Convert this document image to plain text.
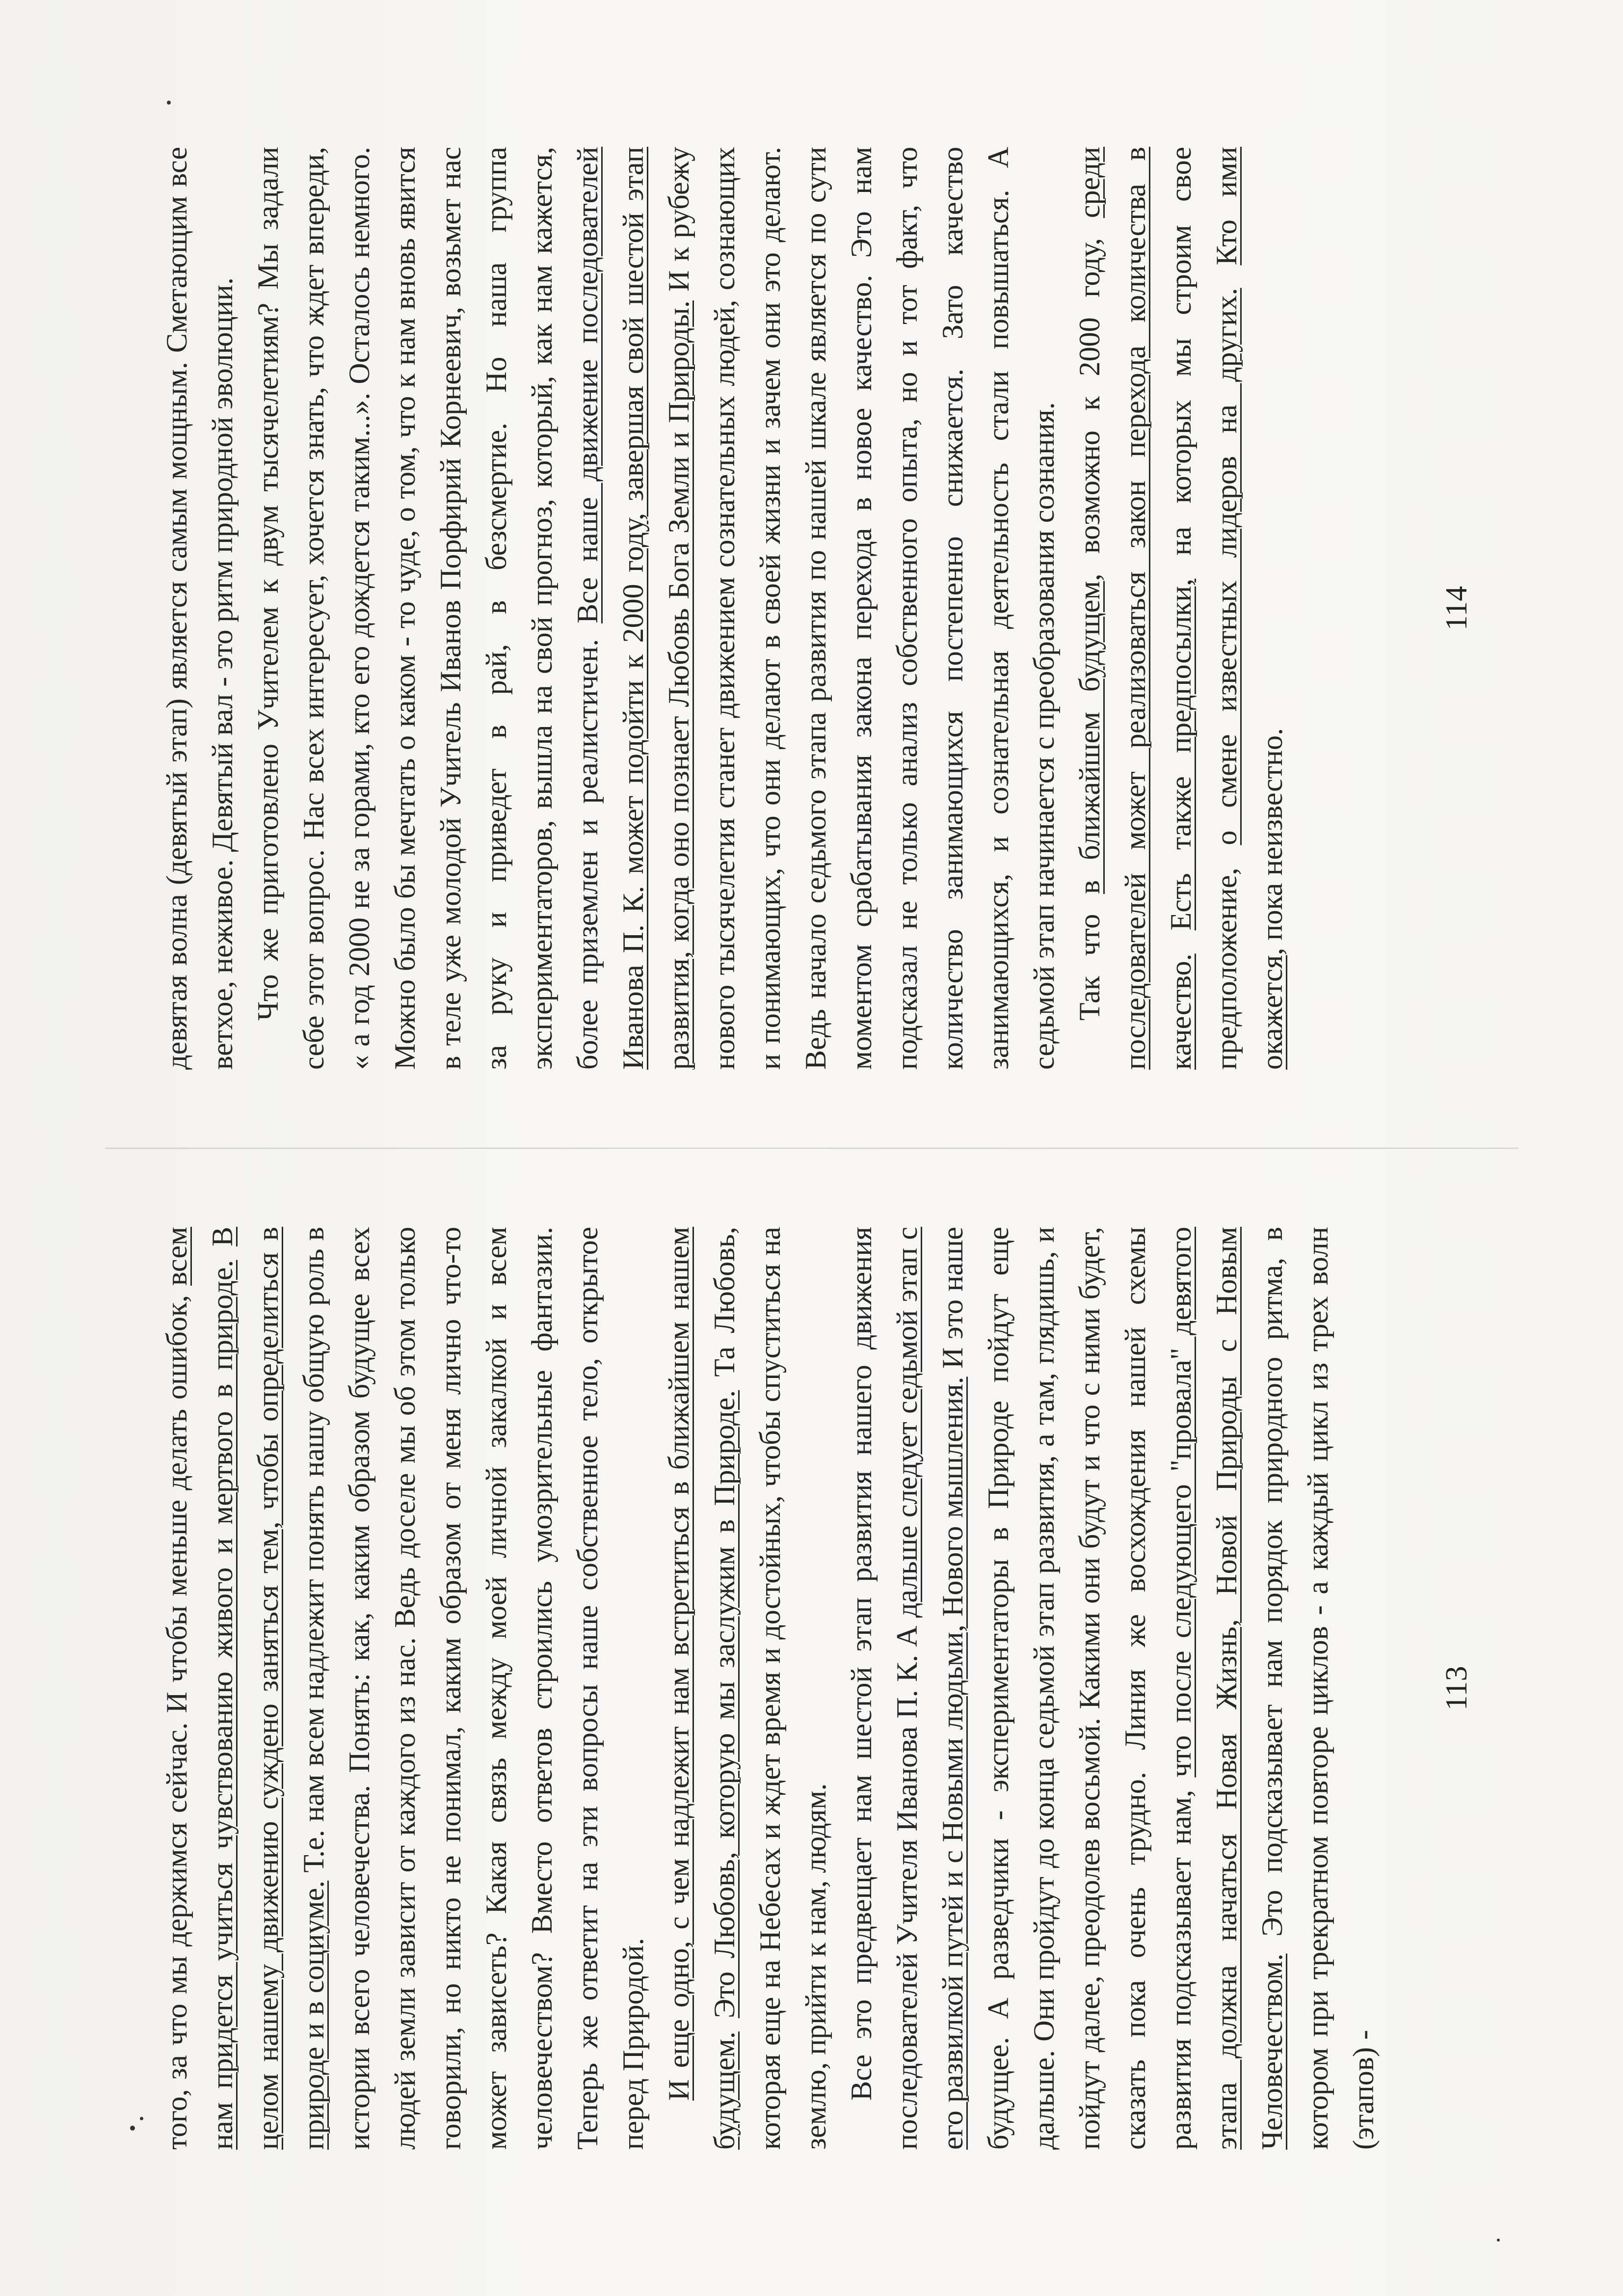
того, за что мы держимся сейчас. И чтобы меньше делать ошибок, всем нам придется учиться чувствованию живого и мертвого в природе. В целом нашему движению суждено заняться тем, чтобы определиться в природе и в социуме. Т.е. нам всем надлежит понять нашу общую роль в истории всего человечества. Понять: как, каким образом будущее всех людей земли зависит от каждого из нас. Ведь доселе мы об этом только говорили, но никто не понимал, каким образом от меня лично что-то может зависеть? Какая связь между моей личной закалкой и всем человечеством? Вместо ответов строились умозрительные фантазии. Теперь же ответит на эти вопросы наше собственное тело, открытое перед Природой. И еще одно, с чем надлежит нам встретиться в ближайшем нашем будущем. Это Любовь, которую мы заслужим в Природе. Та Любовь, которая еще на Небесах и ждет время и достойных, чтобы спуститься на землю, прийти к нам, людям. Все это предвещает нам шестой этап развития нашего движения последователей Учителя Иванова П. К. А дальше следует седьмой этап с его развилкой путей и с Новыми людьми, Нового мышления. И это наше будущее. А разведчики - экспериментаторы в Природе пойдут еще дальше. Они пройдут до конца седьмой этап развития, а там, глядишь, и пойдут далее, преодолев восьмой. Какими они будут и что с ними будет, сказать пока очень трудно. Линия же восхождения нашей схемы развития подсказывает нам, что после следующего "провала" девятого этапа должна начаться Новая Жизнь, Новой Природы с Новым Человечеством. Это подсказывает нам порядок природного ритма, в котором при трекратном повторе циклов - а каждый цикл из трех волн (этапов) -

113

девятая волна (девятый этап) является самым мощным. Сметающим все ветхое, неживое. Девятый вал - это ритм природной эволюции. Что же приготовлено Учителем к двум тысячелетиям? Мы задали себе этот вопрос. Нас всех интересует, хочется знать, что ждет впереди, « а год 2000 не за горами, кто его дождется таким...». Осталось немного. Можно было бы мечтать о каком - то чуде, о том, что к нам вновь явится в теле уже молодой Учитель Иванов Порфирий Корнеевич, возьмет нас за руку и приведет в рай, в безсмертие. Но наша группа экспериментаторов, вышла на свой прогноз, который, как нам кажется, более приземлен и реалистичен. Все наше движение последователей Иванова П. К. может подойти к 2000 году, завершая свой шестой этап развития, когда оно познает Любовь Бога Земли и Природы. И к рубежу нового тысячелетия станет движением сознательных людей, сознающих и понимающих, что они делают в своей жизни и зачем они это делают. Ведь начало седьмого этапа развития по нашей шкале является по сути моментом срабатывания закона перехода в новое качество. Это нам подсказал не только анализ собственного опыта, но и тот факт, что количество занимающихся постепенно снижается. Зато качество занимающихся, и сознательная деятельность стали повышаться. А седьмой этап начинается с преобразования сознания. Так что в ближайшем будущем, возможно к 2000 году, среди последователей может реализоваться закон перехода количества в качество. Есть также предпосылки, на которых мы строим свое предположение, о смене известных лидеров на других. Кто ими окажется, пока неизвестно.

114
